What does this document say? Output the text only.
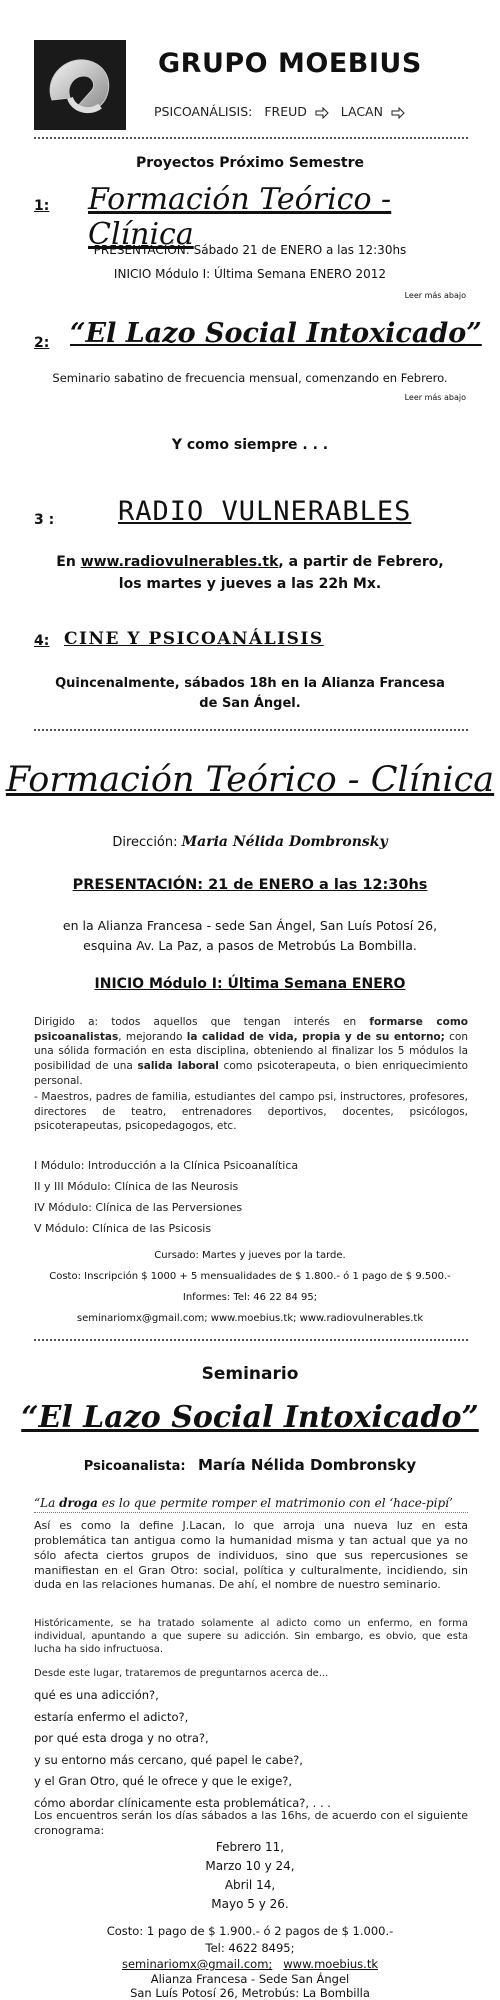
GRUPO MOEBIUS
PSICOANÁLISIS: FREUD	LACAN
Proyectos Próximo Semestre
1: Formación Teórico - Clínica
PRESENTACIÓN: Sábado 21 de ENERO a las 12:30hs
INICIO Módulo I: Última Semana ENERO 2012
Leer más abajo
2: “El Lazo Social Intoxicado”
Seminario sabatino de frecuencia mensual, comenzando en Febrero.
Leer más abajo
Y como siempre . . .
3 : RADIO VULNERABLES
En www.radiovulnerables.tk, a partir de Febrero,
los martes y jueves a las 22h Mx.
4: CINE Y PSICOANÁLISIS
Quincenalmente, sábados 18h en la Alianza Francesa
de San Ángel.
Formación Teórico - Clínica
Dirección: Maria Nélida Dombronsky
PRESENTACIÓN: 21 de ENERO a las 12:30hs
en la Alianza Francesa - sede San Ángel, San Luís Potosí 26,
esquina Av. La Paz, a pasos de Metrobús La Bombilla.
INICIO Módulo I: Última Semana ENERO
Dirigido a: todos aquellos que tengan interés en formarse como psicoanalistas, mejorando la calidad de vida, propia y de su entorno; con una sólida formación en esta disciplina, obteniendo al finalizar los 5 módulos la posibilidad de una salida laboral como psicoterapeuta, o bien enriquecimiento personal.
- Maestros, padres de familia, estudiantes del campo psi, instructores, profesores, directores de teatro, entrenadores deportivos, docentes, psicólogos, psicoterapeutas, psicopedagogos, etc.
I Módulo: Introducción a la Clínica Psicoanalítica
II y III Módulo: Clínica de las Neurosis
IV Módulo: Clínica de las Perversiones
V Módulo: Clínica de las Psicosis
Cursado: Martes y jueves por la tarde.
Costo: Inscripción $ 1000 + 5 mensualidades de $ 1.800.- ó 1 pago de $ 9.500.-
Informes: Tel: 46 22 84 95;
seminariomx@gmail.com; www.moebius.tk; www.radiovulnerables.tk
Seminario
“El Lazo Social Intoxicado”
Psicoanalista: María Nélida Dombronsky
“La droga es lo que permite romper el matrimonio con el ‘hace-pipí’
Así es como la define J.Lacan, lo que arroja una nueva luz en esta problemática tan antigua como la humanidad misma y tan actual que ya no sólo afecta ciertos grupos de individuos, sino que sus repercusiones se manifiestan en el Gran Otro: social, política y culturalmente, incidiendo, sin duda en las relaciones humanas. De ahí, el nombre de nuestro seminario.
Históricamente, se ha tratado solamente al adicto como un enfermo, en forma individual, apuntando a que supere su adicción. Sin embargo, es obvio, que esta lucha ha sido infructuosa.
Desde este lugar, trataremos de preguntarnos acerca de...
qué es una adicción?,
estaría enfermo el adicto?,
por qué esta droga y no otra?,
y su entorno más cercano, qué papel le cabe?,
y el Gran Otro, qué le ofrece y que le exige?,
cómo abordar clínicamente esta problemática?, . . .
Los encuentros serán los días sábados a las 16hs, de acuerdo con el siguiente cronograma:
Febrero 11,
Marzo 10 y 24,
Abril 14,
Mayo 5 y 26.
Costo: 1 pago de $ 1.900.- ó 2 pagos de $ 1.000.-
Tel: 4622 8495;
seminariomx@gmail.com; www.moebius.tk
Alianza Francesa - Sede San Ángel
San Luís Potosí 26, Metrobús: La Bombilla
